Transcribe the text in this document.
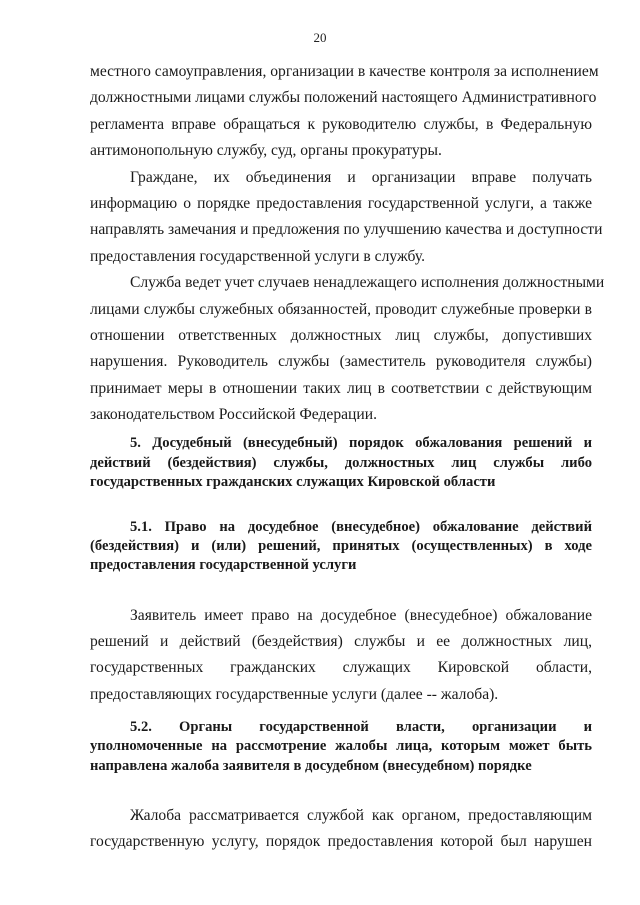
20
местного самоуправления, организации в качестве контроля за исполнением
должностными лицами службы положений настоящего Административного
регламента вправе обращаться к руководителю службы, в Федеральную
антимонопольную службу, суд, органы прокуратуры.
Граждане, их объединения и организации вправе получать
информацию о порядке предоставления государственной услуги, а также
направлять замечания и предложения по улучшению качества и доступности
предоставления государственной услуги в службу.
Служба ведет учет случаев ненадлежащего исполнения должностными
лицами службы служебных обязанностей, проводит служебные проверки в
отношении ответственных должностных лиц службы, допустивших
нарушения. Руководитель службы (заместитель руководителя службы)
принимает меры в отношении таких лиц в соответствии с действующим
законодательством Российской Федерации.
5. Досудебный (внесудебный) порядок обжалования решений и
действий (бездействия) службы, должностных лиц службы либо
государственных гражданских служащих Кировской области
5.1. Право на досудебное (внесудебное) обжалование действий
(бездействия) и (или) решений, принятых (осуществленных) в ходе
предоставления государственной услуги
Заявитель имеет право на досудебное (внесудебное) обжалование
решений и действий (бездействия) службы и ее должностных лиц,
государственных гражданских служащих Кировской области,
предоставляющих государственные услуги (далее -- жалоба).
5.2. Органы государственной власти, организации и
уполномоченные на рассмотрение жалобы лица, которым может быть
направлена жалоба заявителя в досудебном (внесудебном) порядке
Жалоба рассматривается службой как органом, предоставляющим
государственную услугу, порядок предоставления которой был нарушен
